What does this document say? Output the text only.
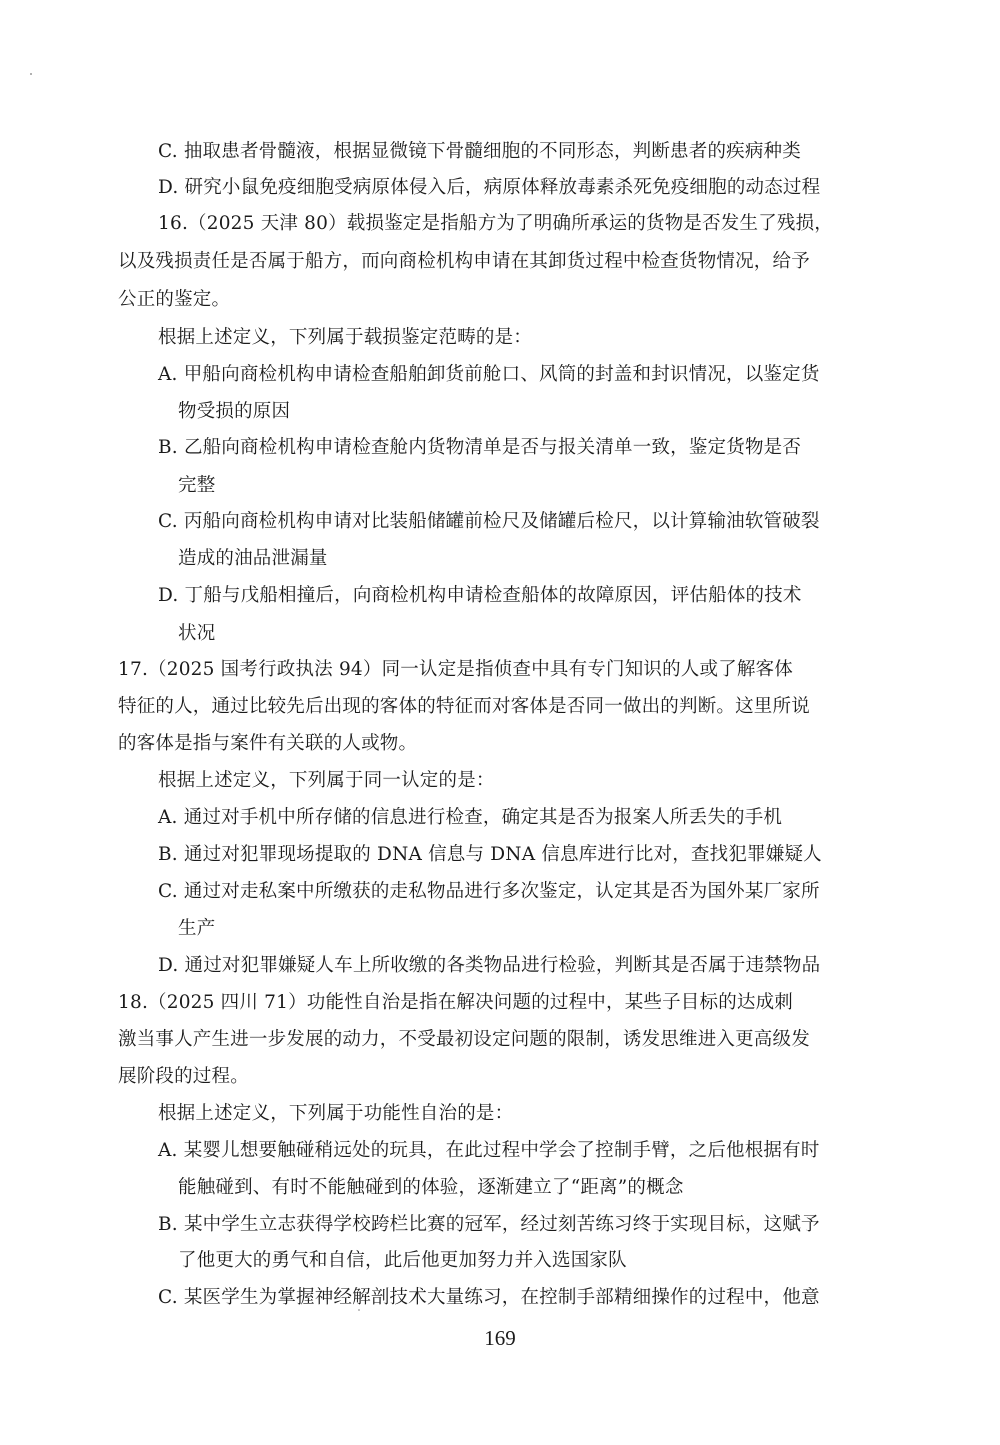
C. 抽取患者骨髓液，根据显微镜下骨髓细胞的不同形态，判断患者的疾病种类
D. 研究小鼠免疫细胞受病原体侵入后，病原体释放毒素杀死免疫细胞的动态过程
16.（2025 天津 80）载损鉴定是指船方为了明确所承运的货物是否发生了残损，
以及残损责任是否属于船方，而向商检机构申请在其卸货过程中检查货物情况，给予
公正的鉴定。
根据上述定义，下列属于载损鉴定范畴的是：
A. 甲船向商检机构申请检查船舶卸货前舱口、风筒的封盖和封识情况，以鉴定货
物受损的原因
B. 乙船向商检机构申请检查舱内货物清单是否与报关清单一致，鉴定货物是否
完整
C. 丙船向商检机构申请对比装船储罐前检尺及储罐后检尺，以计算输油软管破裂
造成的油品泄漏量
D. 丁船与戊船相撞后，向商检机构申请检查船体的故障原因，评估船体的技术
状况
17.（2025 国考行政执法 94）同一认定是指侦查中具有专门知识的人或了解客体
特征的人，通过比较先后出现的客体的特征而对客体是否同一做出的判断。这里所说
的客体是指与案件有关联的人或物。
根据上述定义，下列属于同一认定的是：
A. 通过对手机中所存储的信息进行检查，确定其是否为报案人所丢失的手机
B. 通过对犯罪现场提取的 DNA 信息与 DNA 信息库进行比对，查找犯罪嫌疑人
C. 通过对走私案中所缴获的走私物品进行多次鉴定，认定其是否为国外某厂家所
生产
D. 通过对犯罪嫌疑人车上所收缴的各类物品进行检验，判断其是否属于违禁物品
18.（2025 四川 71）功能性自治是指在解决问题的过程中，某些子目标的达成刺
激当事人产生进一步发展的动力，不受最初设定问题的限制，诱发思维进入更高级发
展阶段的过程。
根据上述定义，下列属于功能性自治的是：
A. 某婴儿想要触碰稍远处的玩具，在此过程中学会了控制手臂，之后他根据有时
能触碰到、有时不能触碰到的体验，逐渐建立了“距离”的概念
B. 某中学生立志获得学校跨栏比赛的冠军，经过刻苦练习终于实现目标，这赋予
了他更大的勇气和自信，此后他更加努力并入选国家队
C. 某医学生为掌握神经解剖技术大量练习，在控制手部精细操作的过程中，他意
169
